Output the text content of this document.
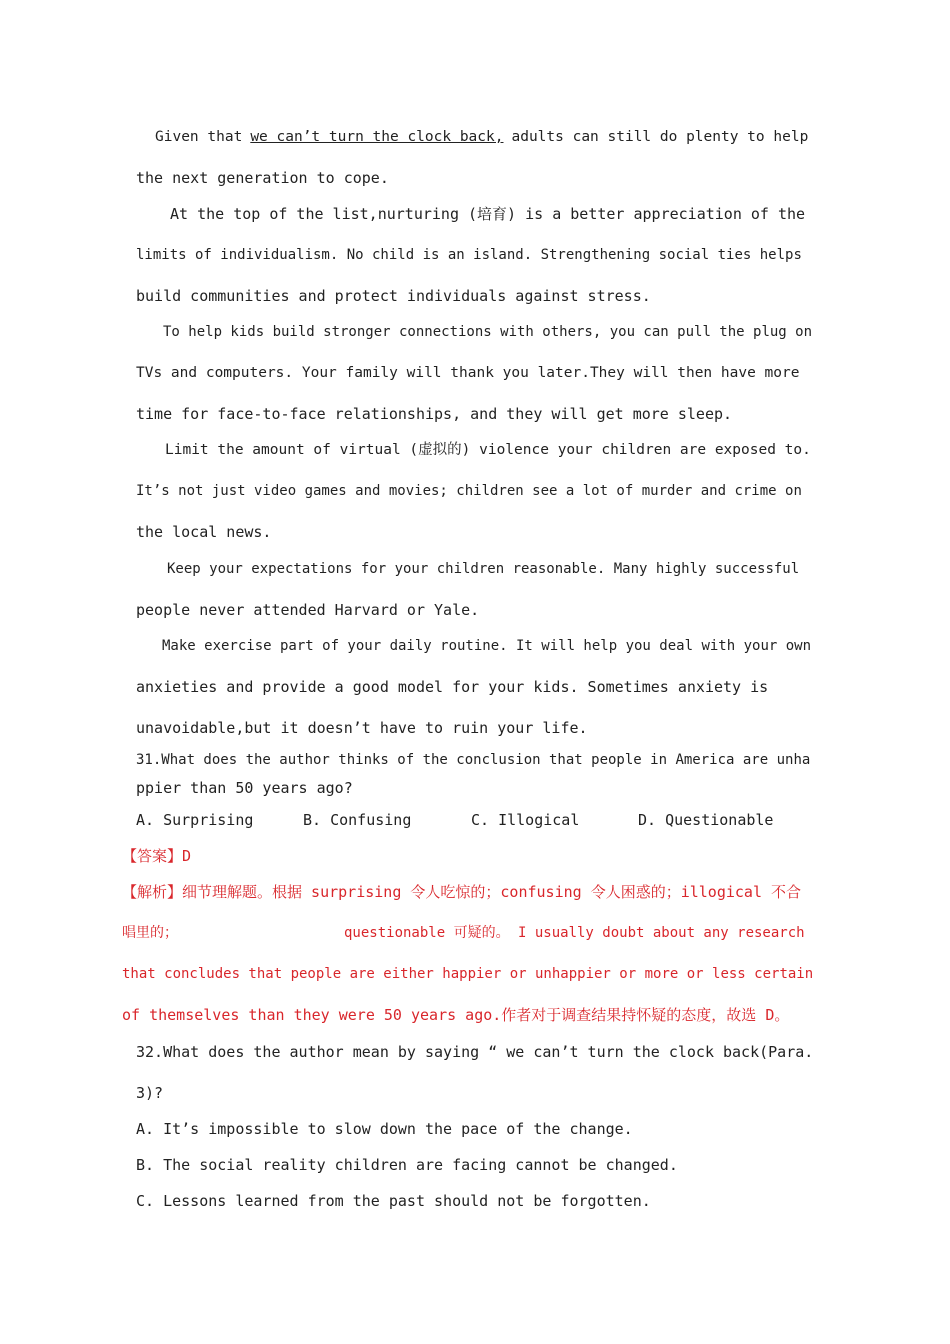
Given that we can’t turn the clock back, adults can still do plenty to help
the next generation to cope.
At the top of the list,nurturing (培育) is a better appreciation of the
limits of individualism. No child is an island. Strengthening social ties helps
build communities and protect individuals against stress.
To help kids build stronger connections with others, you can pull the plug on
TVs and computers. Your family will thank you later.They will then have more
time for face-to-face relationships, and they will get more sleep.
Limit the amount of virtual (虚拟的) violence your children are exposed to.
It’s not just video games and movies; children see a lot of murder and crime on
the local news.
Keep your expectations for your children reasonable. Many highly successful
people never attended Harvard or Yale.
Make exercise part of your daily routine. It will help you deal with your own
anxieties and provide a good model for your kids. Sometimes anxiety is
unavoidable,but it doesn’t have to ruin your life.
31.What does the author thinks of the conclusion that people in America are unha
ppier than 50 years ago?
A. Surprising	B. Confusing	C. Illogical	D. Questionable
【答案】 D
【解析】 细节理解题。根据 surprising 令人吃惊的；confusing 令人困惑的；illogical 不合
唱里的；	questionable 可疑的。 I usually doubt about any research
that concludes that people are either happier or unhappier or more or less certain
of themselves than they were 50 years ago.作者对于调查结果持怀疑的态度，故选 D。
32.What does the author mean by saying “ we can’t turn the clock back(Para.
3)?
A. It’s impossible to slow down the pace of the change.
B. The social reality children are facing cannot be changed.
C. Lessons learned from the past should not be forgotten.
